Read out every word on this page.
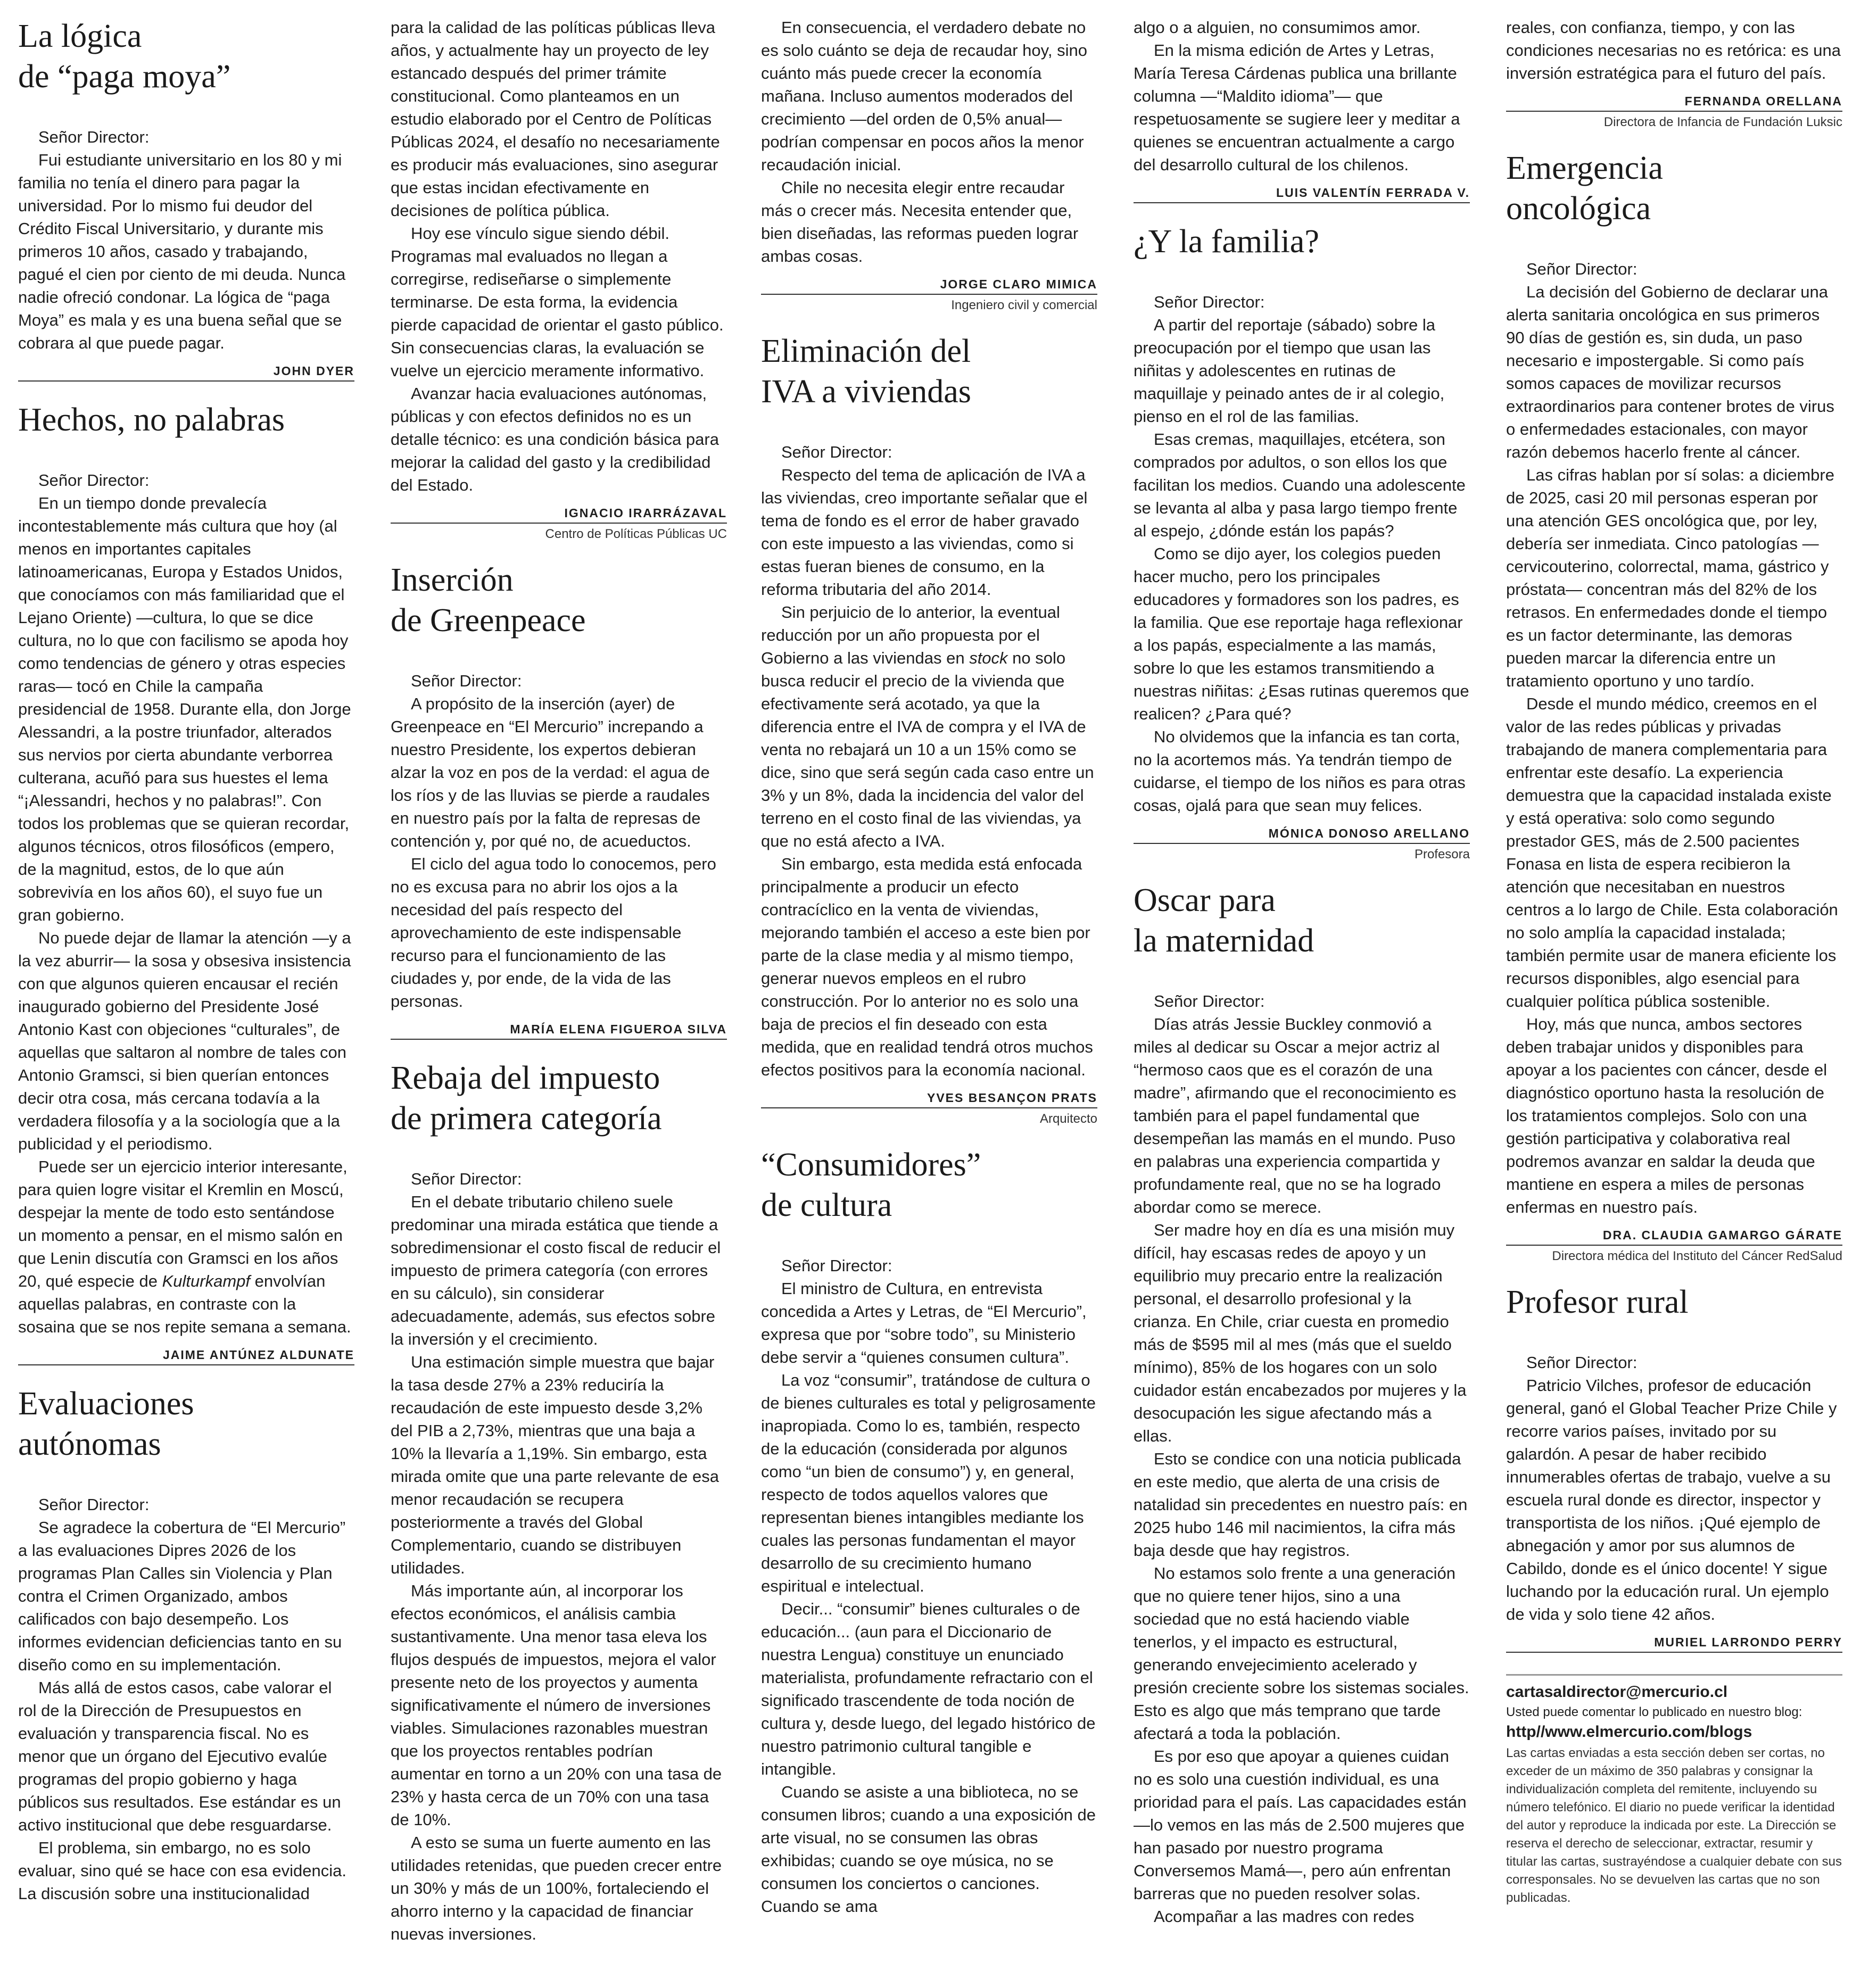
La lógica
de “paga moya”

Señor Director:

Fui estudiante universitario en los 80 y mi familia no tenía el dinero para pagar la universidad. Por lo mismo fui deudor del Crédito Fiscal Universitario, y durante mis primeros 10 años, casado y trabajando, pagué el cien por ciento de mi deuda. Nunca nadie ofreció condonar. La lógica de “paga Moya” es mala y es una buena señal que se cobrara al que puede pagar.

JOHN DYER

Hechos, no palabras

Señor Director:

En un tiempo donde prevalecía incontestablemente más cultura que hoy (al menos en importantes capitales latinoamericanas, Europa y Estados Unidos, que conocíamos con más familiaridad que el Lejano Oriente) —cultura, lo que se dice cultura, no lo que con facilismo se apoda hoy como tendencias de género y otras especies raras— tocó en Chile la campaña presidencial de 1958. Durante ella, don Jorge Alessandri, a la postre triunfador, alterados sus nervios por cierta abundante verborrea culterana, acuñó para sus huestes el lema “¡Alessandri, hechos y no palabras!”. Con todos los problemas que se quieran recordar, algunos técnicos, otros filosóficos (empero, de la magnitud, estos, de lo que aún sobrevivía en los años 60), el suyo fue un gran gobierno.

No puede dejar de llamar la atención —y a la vez aburrir— la sosa y obsesiva insistencia con que algunos quieren encausar el recién inaugurado gobierno del Presidente José Antonio Kast con objeciones “culturales”, de aquellas que saltaron al nombre de tales con Antonio Gramsci, si bien querían entonces decir otra cosa, más cercana todavía a la verdadera filosofía y a la sociología que a la publicidad y el periodismo.

Puede ser un ejercicio interior interesante, para quien logre visitar el Kremlin en Moscú, despejar la mente de todo esto sentándose un momento a pensar, en el mismo salón en que Lenin discutía con Gramsci en los años 20, qué especie de Kulturkampf envolvían aquellas palabras, en contraste con la sosaina que se nos repite semana a semana.

JAIME ANTÚNEZ ALDUNATE

Evaluaciones
autónomas

Señor Director:

Se agradece la cobertura de “El Mercurio” a las evaluaciones Dipres 2026 de los programas Plan Calles sin Violencia y Plan contra el Crimen Organizado, ambos calificados con bajo desempeño. Los informes evidencian deficiencias tanto en su diseño como en su implementación.

Más allá de estos casos, cabe valorar el rol de la Dirección de Presupuestos en evaluación y transparencia fiscal. No es menor que un órgano del Ejecutivo evalúe programas del propio gobierno y haga públicos sus resultados. Ese estándar es un activo institucional que debe resguardarse.

El problema, sin embargo, no es solo evaluar, sino qué se hace con esa evidencia. La discusión sobre una institucionalidad

para la calidad de las políticas públicas lleva años, y actualmente hay un proyecto de ley estancado después del primer trámite constitucional. Como planteamos en un estudio elaborado por el Centro de Políticas Públicas 2024, el desafío no necesariamente es producir más evaluaciones, sino asegurar que estas incidan efectivamente en decisiones de política pública.

Hoy ese vínculo sigue siendo débil. Programas mal evaluados no llegan a corregirse, rediseñarse o simplemente terminarse. De esta forma, la evidencia pierde capacidad de orientar el gasto público. Sin consecuencias claras, la evaluación se vuelve un ejercicio meramente informativo.

Avanzar hacia evaluaciones autónomas, públicas y con efectos definidos no es un detalle técnico: es una condición básica para mejorar la calidad del gasto y la credibilidad del Estado.

IGNACIO IRARRÁZAVAL

Centro de Políticas Públicas UC

Inserción
de Greenpeace

Señor Director:

A propósito de la inserción (ayer) de Greenpeace en “El Mercurio” increpando a nuestro Presidente, los expertos debieran alzar la voz en pos de la verdad: el agua de los ríos y de las lluvias se pierde a raudales en nuestro país por la falta de represas de contención y, por qué no, de acueductos.

El ciclo del agua todo lo conocemos, pero no es excusa para no abrir los ojos a la necesidad del país respecto del aprovechamiento de este indispensable recurso para el funcionamiento de las ciudades y, por ende, de la vida de las personas.

MARÍA ELENA FIGUEROA SILVA

Rebaja del impuesto
de primera categoría

Señor Director:

En el debate tributario chileno suele predominar una mirada estática que tiende a sobredimensionar el costo fiscal de reducir el impuesto de primera categoría (con errores en su cálculo), sin considerar adecuadamente, además, sus efectos sobre la inversión y el crecimiento.

Una estimación simple muestra que bajar la tasa desde 27% a 23% reduciría la recaudación de este impuesto desde 3,2% del PIB a 2,73%, mientras que una baja a 10% la llevaría a 1,19%. Sin embargo, esta mirada omite que una parte relevante de esa menor recaudación se recupera posteriormente a través del Global Complementario, cuando se distribuyen utilidades.

Más importante aún, al incorporar los efectos económicos, el análisis cambia sustantivamente. Una menor tasa eleva los flujos después de impuestos, mejora el valor presente neto de los proyectos y aumenta significativamente el número de inversiones viables. Simulaciones razonables muestran que los proyectos rentables podrían aumentar en torno a un 20% con una tasa de 23% y hasta cerca de un 70% con una tasa de 10%.

A esto se suma un fuerte aumento en las utilidades retenidas, que pueden crecer entre un 30% y más de un 100%, fortaleciendo el ahorro interno y la capacidad de financiar nuevas inversiones.

En consecuencia, el verdadero debate no es solo cuánto se deja de recaudar hoy, sino cuánto más puede crecer la economía mañana. Incluso aumentos moderados del crecimiento —del orden de 0,5% anual— podrían compensar en pocos años la menor recaudación inicial.

Chile no necesita elegir entre recaudar más o crecer más. Necesita entender que, bien diseñadas, las reformas pueden lograr ambas cosas.

JORGE CLARO MIMICA

Ingeniero civil y comercial

Eliminación del
IVA a viviendas

Señor Director:

Respecto del tema de aplicación de IVA a las viviendas, creo importante señalar que el tema de fondo es el error de haber gravado con este impuesto a las viviendas, como si estas fueran bienes de consumo, en la reforma tributaria del año 2014.

Sin perjuicio de lo anterior, la eventual reducción por un año propuesta por el Gobierno a las viviendas en stock no solo busca reducir el precio de la vivienda que efectivamente será acotado, ya que la diferencia entre el IVA de compra y el IVA de venta no rebajará un 10 a un 15% como se dice, sino que será según cada caso entre un 3% y un 8%, dada la incidencia del valor del terreno en el costo final de las viviendas, ya que no está afecto a IVA.

Sin embargo, esta medida está enfocada principalmente a producir un efecto contracíclico en la venta de viviendas, mejorando también el acceso a este bien por parte de la clase media y al mismo tiempo, generar nuevos empleos en el rubro construcción. Por lo anterior no es solo una baja de precios el fin deseado con esta medida, que en realidad tendrá otros muchos efectos positivos para la economía nacional.

YVES BESANÇON PRATS

Arquitecto

“Consumidores”
de cultura

Señor Director:

El ministro de Cultura, en entrevista concedida a Artes y Letras, de “El Mercurio”, expresa que por “sobre todo”, su Ministerio debe servir a “quienes consumen cultura”.

La voz “consumir”, tratándose de cultura o de bienes culturales es total y peligrosamente inapropiada. Como lo es, también, respecto de la educación (considerada por algunos como “un bien de consumo”) y, en general, respecto de todos aquellos valores que representan bienes intangibles mediante los cuales las personas fundamentan el mayor desarrollo de su crecimiento humano espiritual e intelectual.

Decir... “consumir” bienes culturales o de educación... (aun para el Diccionario de nuestra Lengua) constituye un enunciado materialista, profundamente refractario con el significado trascendente de toda noción de cultura y, desde luego, del legado histórico de nuestro patrimonio cultural tangible e intangible.

Cuando se asiste a una biblioteca, no se consumen libros; cuando a una exposición de arte visual, no se consumen las obras exhibidas; cuando se oye música, no se consumen los conciertos o canciones. Cuando se ama

algo o a alguien, no consumimos amor.

En la misma edición de Artes y Letras, María Teresa Cárdenas publica una brillante columna —“Maldito idioma”— que respetuosamente se sugiere leer y meditar a quienes se encuentran actualmente a cargo del desarrollo cultural de los chilenos.

LUIS VALENTÍN FERRADA V.

¿Y la familia?

Señor Director:

A partir del reportaje (sábado) sobre la preocupación por el tiempo que usan las niñitas y adolescentes en rutinas de maquillaje y peinado antes de ir al colegio, pienso en el rol de las familias.

Esas cremas, maquillajes, etcétera, son comprados por adultos, o son ellos los que facilitan los medios. Cuando una adolescente se levanta al alba y pasa largo tiempo frente al espejo, ¿dónde están los papás?

Como se dijo ayer, los colegios pueden hacer mucho, pero los principales educadores y formadores son los padres, es la familia. Que ese reportaje haga reflexionar a los papás, especialmente a las mamás, sobre lo que les estamos transmitiendo a nuestras niñitas: ¿Esas rutinas queremos que realicen? ¿Para qué?

No olvidemos que la infancia es tan corta, no la acortemos más. Ya tendrán tiempo de cuidarse, el tiempo de los niños es para otras cosas, ojalá para que sean muy felices.

MÓNICA DONOSO ARELLANO

Profesora

Oscar para
la maternidad

Señor Director:

Días atrás Jessie Buckley conmovió a miles al dedicar su Oscar a mejor actriz al “hermoso caos que es el corazón de una madre”, afirmando que el reconocimiento es también para el papel fundamental que desempeñan las mamás en el mundo. Puso en palabras una experiencia compartida y profundamente real, que no se ha logrado abordar como se merece.

Ser madre hoy en día es una misión muy difícil, hay escasas redes de apoyo y un equilibrio muy precario entre la realización personal, el desarrollo profesional y la crianza. En Chile, criar cuesta en promedio más de $595 mil al mes (más que el sueldo mínimo), 85% de los hogares con un solo cuidador están encabezados por mujeres y la desocupación les sigue afectando más a ellas.

Esto se condice con una noticia publicada en este medio, que alerta de una crisis de natalidad sin precedentes en nuestro país: en 2025 hubo 146 mil nacimientos, la cifra más baja desde que hay registros.

No estamos solo frente a una generación que no quiere tener hijos, sino a una sociedad que no está haciendo viable tenerlos, y el impacto es estructural, generando envejecimiento acelerado y presión creciente sobre los sistemas sociales. Esto es algo que más temprano que tarde afectará a toda la población.

Es por eso que apoyar a quienes cuidan no es solo una cuestión individual, es una prioridad para el país. Las capacidades están —lo vemos en las más de 2.500 mujeres que han pasado por nuestro programa Conversemos Mamá—, pero aún enfrentan barreras que no pueden resolver solas.

Acompañar a las madres con redes

reales, con confianza, tiempo, y con las condiciones necesarias no es retórica: es una inversión estratégica para el futuro del país.

FERNANDA ORELLANA

Directora de Infancia de Fundación Luksic

Emergencia
oncológica

Señor Director:

La decisión del Gobierno de declarar una alerta sanitaria oncológica en sus primeros 90 días de gestión es, sin duda, un paso necesario e impostergable. Si como país somos capaces de movilizar recursos extraordinarios para contener brotes de virus o enfermedades estacionales, con mayor razón debemos hacerlo frente al cáncer.

Las cifras hablan por sí solas: a diciembre de 2025, casi 20 mil personas esperan por una atención GES oncológica que, por ley, debería ser inmediata. Cinco patologías —cervicouterino, colorrectal, mama, gástrico y próstata— concentran más del 82% de los retrasos. En enfermedades donde el tiempo es un factor determinante, las demoras pueden marcar la diferencia entre un tratamiento oportuno y uno tardío.

Desde el mundo médico, creemos en el valor de las redes públicas y privadas trabajando de manera complementaria para enfrentar este desafío. La experiencia demuestra que la capacidad instalada existe y está operativa: solo como segundo prestador GES, más de 2.500 pacientes Fonasa en lista de espera recibieron la atención que necesitaban en nuestros centros a lo largo de Chile. Esta colaboración no solo amplía la capacidad instalada; también permite usar de manera eficiente los recursos disponibles, algo esencial para cualquier política pública sostenible.

Hoy, más que nunca, ambos sectores deben trabajar unidos y disponibles para apoyar a los pacientes con cáncer, desde el diagnóstico oportuno hasta la resolución de los tratamientos complejos. Solo con una gestión participativa y colaborativa real podremos avanzar en saldar la deuda que mantiene en espera a miles de personas enfermas en nuestro país.

DRA. CLAUDIA GAMARGO GÁRATE

Directora médica del Instituto del Cáncer RedSalud

Profesor rural

Señor Director:

Patricio Vilches, profesor de educación general, ganó el Global Teacher Prize Chile y recorre varios países, invitado por su galardón. A pesar de haber recibido innumerables ofertas de trabajo, vuelve a su escuela rural donde es director, inspector y transportista de los niños. ¡Qué ejemplo de abnegación y amor por sus alumnos de Cabildo, donde es el único docente! Y sigue luchando por la educación rural. Un ejemplo de vida y solo tiene 42 años.

MURIEL LARRONDO PERRY

cartasaldirector@mercurio.cl

Usted puede comentar lo publicado en nuestro blog:

http//www.elmercurio.com/blogs

Las cartas enviadas a esta sección deben ser cortas, no exceder de un máximo de 350 palabras y consignar la individualización completa del remitente, incluyendo su número telefónico. El diario no puede verificar la identidad del autor y reproduce la indicada por este. La Dirección se reserva el derecho de seleccionar, extractar, resumir y titular las cartas, sustrayéndose a cualquier debate con sus corresponsales. No se devuelven las cartas que no son publicadas.
